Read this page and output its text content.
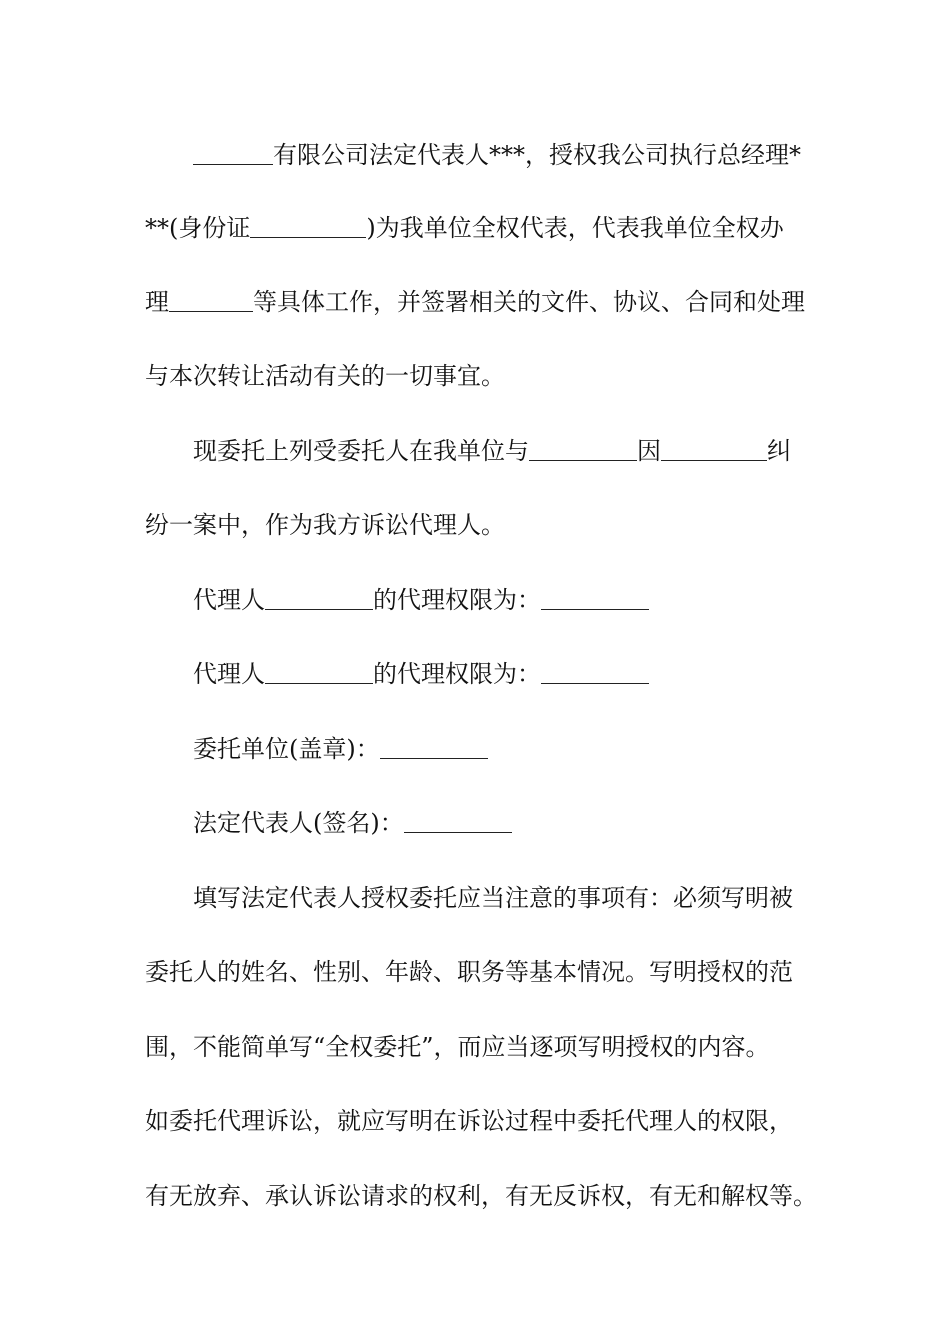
有限公司法定代表人***，授权我公司执行总经理*
**(身份证	)为我单位全权代表，代表我单位全权办
理	等具体工作，并签署相关的文件、协议、合同和处理
与本次转让活动有关的一切事宜。
现委托上列受委托人在我单位与	因	纠
纷一案中，作为我方诉讼代理人。
代理人	的代理权限为：
代理人	的代理权限为：
委托单位(盖章)：
法定代表人(签名)：
填写法定代表人授权委托应当注意的事项有：必须写明被
委托人的姓名、性别、年龄、职务等基本情况。写明授权的范
围，不能简单写“全权委托”，而应当逐项写明授权的内容。
如委托代理诉讼，就应写明在诉讼过程中委托代理人的权限，
有无放弃、承认诉讼请求的权利，有无反诉权，有无和解权等。
